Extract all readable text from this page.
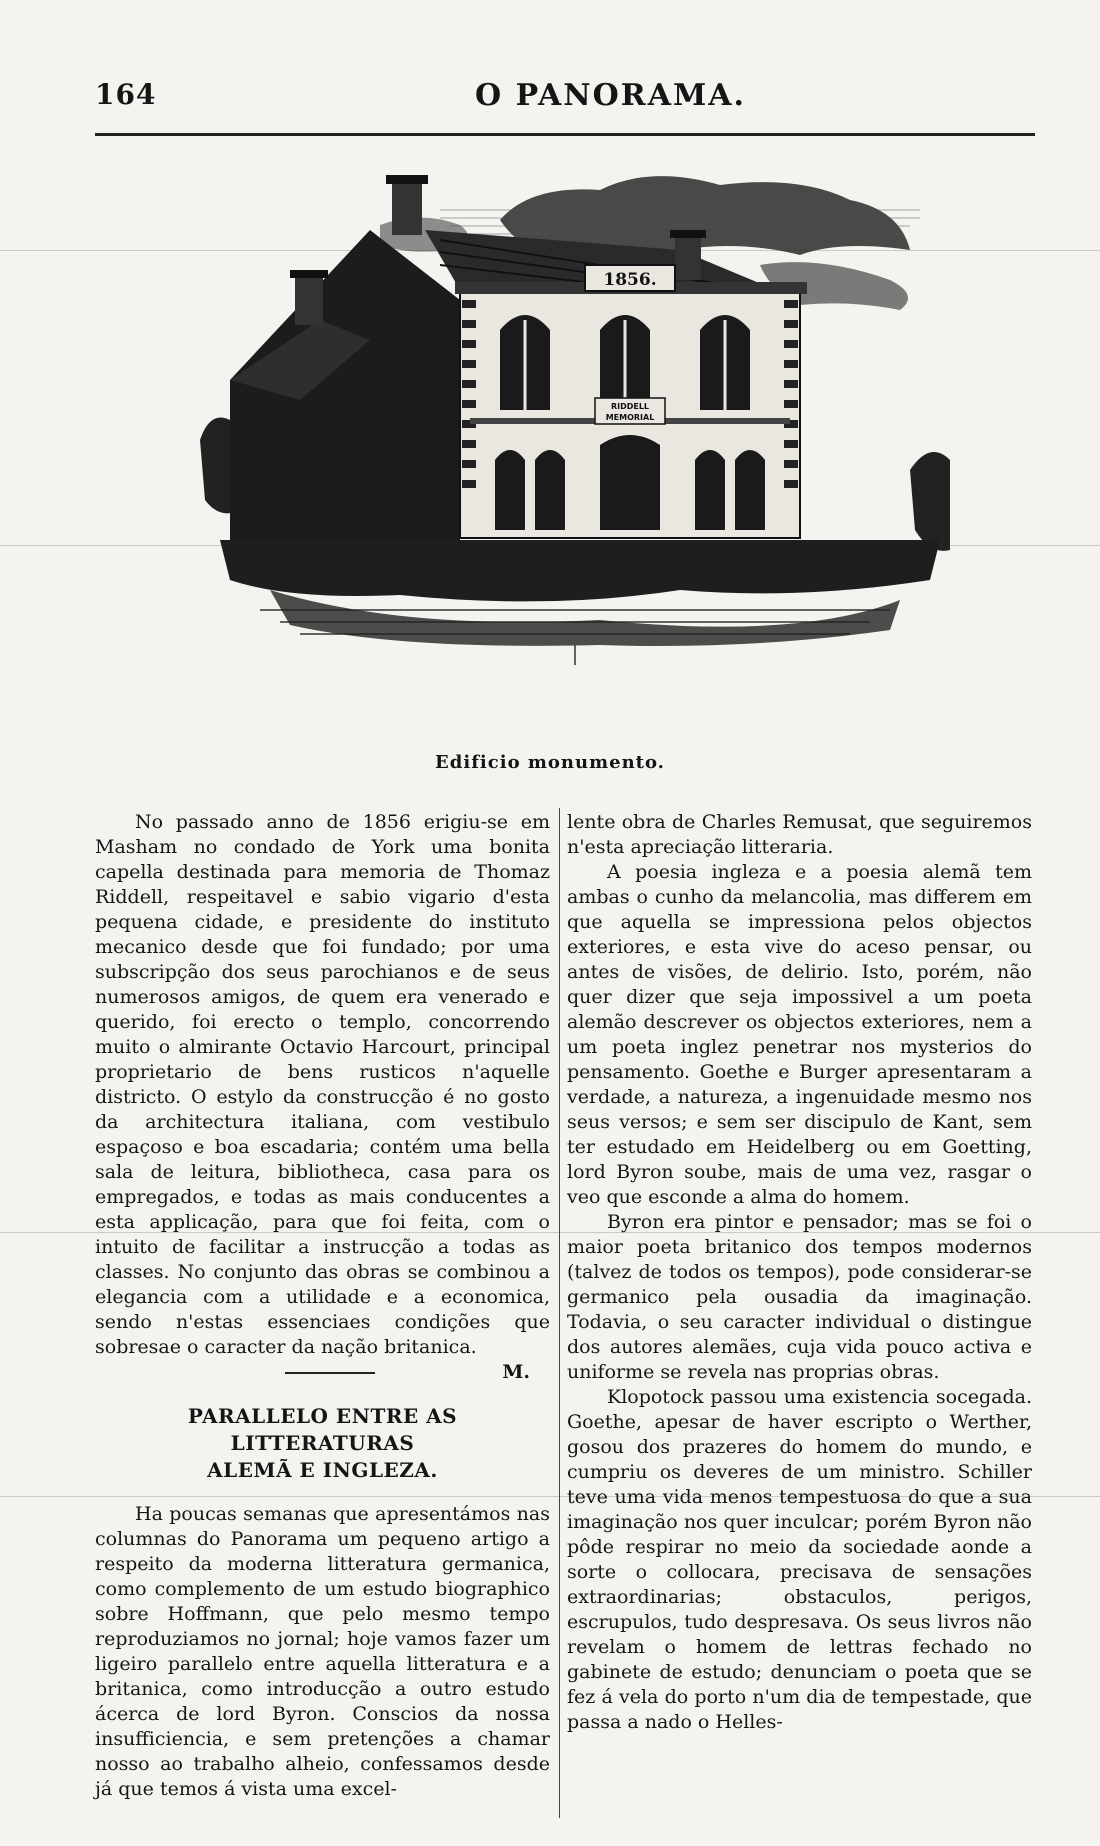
164	O PANORAMA.
1856.
RIDDELL
MEMORIAL
Edificio monumento.

No passado anno de 1856 erigiu-se em Masham no condado de York uma bonita capella destinada para memoria de Thomaz Riddell, respeitavel e sabio vigario d'esta pequena cidade, e presidente do instituto mecanico desde que foi fundado; por uma subscripção dos seus parochianos e de seus numerosos amigos, de quem era venerado e querido, foi erecto o templo, concorrendo muito o almirante Octavio Harcourt, principal proprietario de bens rusticos n'aquelle districto. O estylo da construcção é no gosto da architectura italiana, com vestibulo espaçoso e boa escadaria; contém uma bella sala de leitura, bibliotheca, casa para os empregados, e todas as mais conducentes a esta applicação, para que foi feita, com o intuito de facilitar a instrucção a todas as classes. No conjunto das obras se combinou a elegancia com a utilidade e a economica, sendo n'estas essenciaes condições que sobresae o caracter da nação britanica.

M.
PARALLELO ENTRE AS LITTERATURAS
ALEMÃ E INGLEZA.

Ha poucas semanas que apresentámos nas columnas do Panorama um pequeno artigo a respeito da moderna litteratura germanica, como complemento de um estudo biographico sobre Hoffmann, que pelo mesmo tempo reproduziamos no jornal; hoje vamos fazer um ligeiro parallelo entre aquella litteratura e a britanica, como introducção a outro estudo ácerca de lord Byron. Conscios da nossa insufficiencia, e sem pretenções a chamar nosso ao trabalho alheio, confessamos desde já que temos á vista uma excel-

lente obra de Charles Remusat, que seguiremos n'esta apreciação litteraria.

A poesia ingleza e a poesia alemã tem ambas o cunho da melancolia, mas differem em que aquella se impressiona pelos objectos exteriores, e esta vive do aceso pensar, ou antes de visões, de delirio. Isto, porém, não quer dizer que seja impossivel a um poeta alemão descrever os objectos exteriores, nem a um poeta inglez penetrar nos mysterios do pensamento. Goethe e Burger apresentaram a verdade, a natureza, a ingenuidade mesmo nos seus versos; e sem ser discipulo de Kant, sem ter estudado em Heidelberg ou em Goetting, lord Byron soube, mais de uma vez, rasgar o veo que esconde a alma do homem.

Byron era pintor e pensador; mas se foi o maior poeta britanico dos tempos modernos (talvez de todos os tempos), pode considerar-se germanico pela ousadia da imaginação. Todavia, o seu caracter individual o distingue dos autores alemães, cuja vida pouco activa e uniforme se revela nas proprias obras.

Klopotock passou uma existencia socegada. Goethe, apesar de haver escripto o Werther, gosou dos prazeres do homem do mundo, e cumpriu os deveres de um ministro. Schiller teve uma vida menos tempestuosa do que a sua imaginação nos quer inculcar; porém Byron não pôde respirar no meio da sociedade aonde a sorte o collocara, precisava de sensações extraordinarias; obstaculos, perigos, escrupulos, tudo despresava. Os seus livros não revelam o homem de lettras fechado no gabinete de estudo; denunciam o poeta que se fez á vela do porto n'um dia de tempestade, que passa a nado o Helles-
